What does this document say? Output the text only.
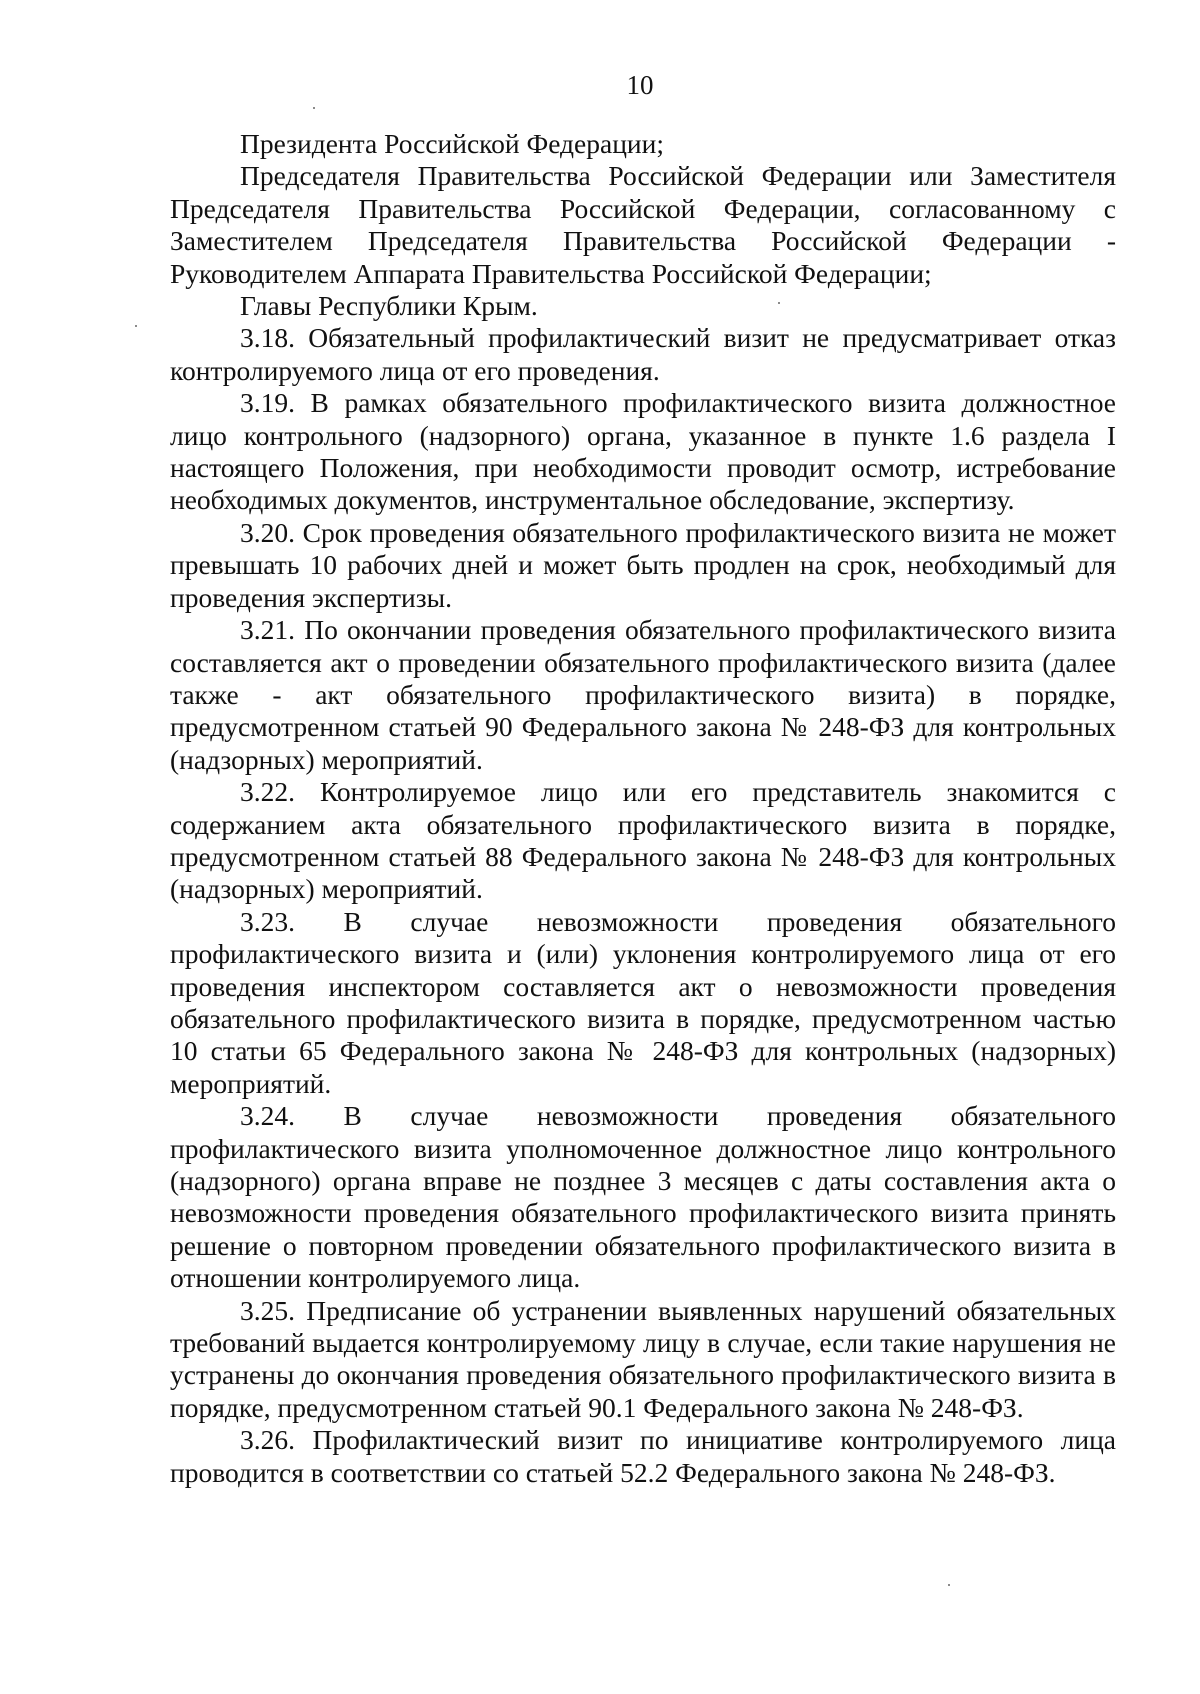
10

Президента Российской Федерации;

Председателя Правительства Российской Федерации или Заместителя Председателя Правительства Российской Федерации, согласованному с Заместителем Председателя Правительства Российской Федерации - Руководителем Аппарата Правительства Российской Федерации;

Главы Республики Крым.

3.18. Обязательный профилактический визит не предусматривает отказ контролируемого лица от его проведения.

3.19. В рамках обязательного профилактического визита должностное лицо контрольного (надзорного) органа, указанное в пункте 1.6 раздела I настоящего Положения, при необходимости проводит осмотр, истребование необходимых документов, инструментальное обследование, экспертизу.

3.20. Срок проведения обязательного профилактического визита не может превышать 10 рабочих дней и может быть продлен на срок, необходимый для проведения экспертизы.

3.21. По окончании проведения обязательного профилактического визита составляется акт о проведении обязательного профилактического визита (далее также - акт обязательного профилактического визита) в порядке, предусмотренном статьей 90 Федерального закона № 248-ФЗ для контрольных (надзорных) мероприятий.

3.22. Контролируемое лицо или его представитель знакомится с содержанием акта обязательного профилактического визита в порядке, предусмотренном статьей 88 Федерального закона № 248-ФЗ для контрольных (надзорных) мероприятий.

3.23. В случае невозможности проведения обязательного профилактического визита и (или) уклонения контролируемого лица от его проведения инспектором составляется акт о невозможности проведения обязательного профилактического визита в порядке, предусмотренном частью 10 статьи 65 Федерального закона № 248-ФЗ для контрольных (надзорных) мероприятий.

3.24. В случае невозможности проведения обязательного профилактического визита уполномоченное должностное лицо контрольного (надзорного) органа вправе не позднее 3 месяцев с даты составления акта о невозможности проведения обязательного профилактического визита принять решение о повторном проведении обязательного профилактического визита в отношении контролируемого лица.

3.25. Предписание об устранении выявленных нарушений обязательных требований выдается контролируемому лицу в случае, если такие нарушения не устранены до окончания проведения обязательного профилактического визита в порядке, предусмотренном статьей 90.1 Федерального закона № 248-ФЗ.

3.26. Профилактический визит по инициативе контролируемого лица проводится в соответствии со статьей 52.2 Федерального закона № 248-ФЗ.
